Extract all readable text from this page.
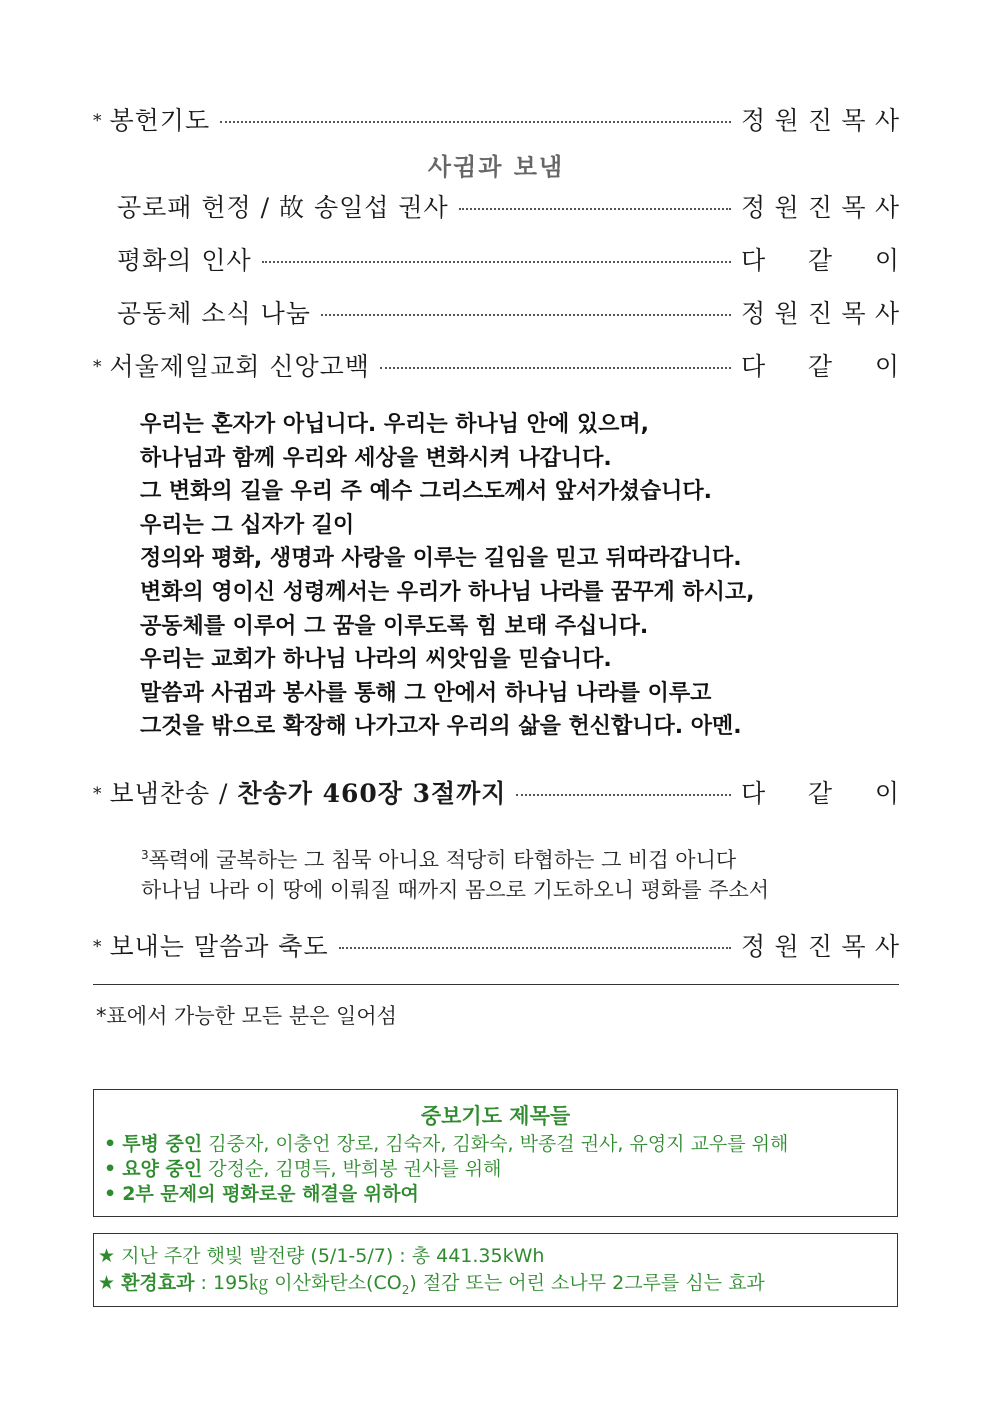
* 봉헌기도	정 원 진 목 사
사귐과 보냄
공로패 헌정 / 故 송일섭 권사	정 원 진 목 사
평화의 인사	다 같 이
공동체 소식 나눔	정 원 진 목 사
* 서울제일교회 신앙고백	다 같 이
우리는 혼자가 아닙니다. 우리는 하나님 안에 있으며,
하나님과 함께 우리와 세상을 변화시켜 나갑니다.
그 변화의 길을 우리 주 예수 그리스도께서 앞서가셨습니다.
우리는 그 십자가 길이
정의와 평화, 생명과 사랑을 이루는 길임을 믿고 뒤따라갑니다.
변화의 영이신 성령께서는 우리가 하나님 나라를 꿈꾸게 하시고,
공동체를 이루어 그 꿈을 이루도록 힘 보태 주십니다.
우리는 교회가 하나님 나라의 씨앗임을 믿습니다.
말씀과 사귐과 봉사를 통해 그 안에서 하나님 나라를 이루고
그것을 밖으로 확장해 나가고자 우리의 삶을 헌신합니다. 아멘.
* 보냄찬송 / 찬송가 460장 3절까지	다 같 이
$^3$폭력에 굴복하는 그 침묵 아니요 적당히 타협하는 그 비겁 아니다
하나님 나라 이 땅에 이뤄질 때까지 몸으로 기도하오니 평화를 주소서
* 보내는 말씀과 축도	정 원 진 목 사
*표에서 가능한 모든 분은 일어섬
중보기도 제목들
• 투병 중인 김중자, 이충언 장로, 김숙자, 김화숙, 박종걸 권사, 유영지 교우를 위해
• 요양 중인 강정순, 김명득, 박희봉 권사를 위해
• 2부 문제의 평화로운 해결을 위하여
★ 지난 주간 햇빛 발전량 (5/1-5/7) : 총 441.35kWh
★ 환경효과 : 195㎏ 이산화탄소$(CO_2)$ 절감 또는 어린 소나무 2그루를 심는 효과
